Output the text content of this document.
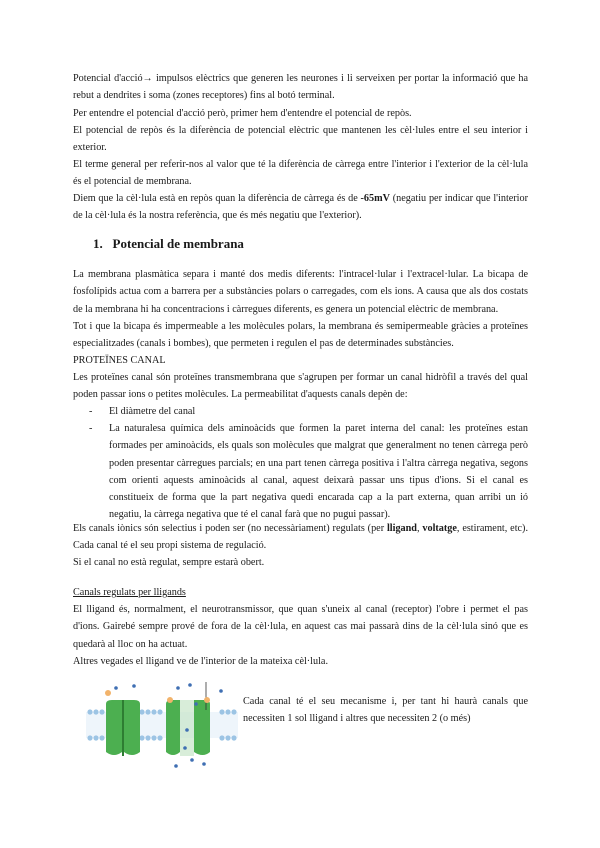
Potencial d'acció→ impulsos elèctrics que generen les neurones i li serveixen per portar la informació que ha rebut a dendrites i soma (zones receptores) fins al botó terminal.

Per entendre el potencial d'acció però, primer hem d'entendre el potencial de repòs.

El potencial de repòs és la diferència de potencial elèctric que mantenen les cèl·lules entre el seu interior i exterior.

El terme general per referir-nos al valor que té la diferència de càrrega entre l'interior i l'exterior de la cèl·lula és el potencial de membrana.

Diem que la cèl·lula està en repòs quan la diferència de càrrega és de -65mV (negatiu per indicar que l'interior de la cèl·lula és la nostra referència, que és més negatiu que l'exterior).

1. Potencial de membrana

La membrana plasmàtica separa i manté dos medis diferents: l'intracel·lular i l'extracel·lular. La bicapa de fosfolípids actua com a barrera per a substàncies polars o carregades, com els ions. A causa que als dos costats de la membrana hi ha concentracions i càrregues diferents, es genera un potencial elèctric de membrana.

Tot i que la bicapa és impermeable a les molècules polars, la membrana és semipermeable gràcies a proteïnes especialitzades (canals i bombes), que permeten i regulen el pas de determinades substàncies.

PROTEÏNES CANAL

Les proteïnes canal són proteïnes transmembrana que s'agrupen per formar un canal hidròfil a través del qual poden passar ions o petites molècules. La permeabilitat d'aquests canals depèn de:

- El diàmetre del canal
- La naturalesa química dels aminoàcids que formen la paret interna del canal: les proteïnes estan formades per aminoàcids, els quals son molècules que malgrat que generalment no tenen càrrega però poden presentar càrregues parcials; en una part tenen càrrega positiva i l'altra càrrega negativa, segons com orienti aquests aminoàcids al canal, aquest deixarà passar uns tipus d'ions. Si el canal es constitueix de forma que la part negativa quedi encarada cap a la part externa, quan arribi un ió negatiu, la càrrega negativa que té el canal farà que no pugui passar).

Els canals iònics són selectius i poden ser (no necessàriament) regulats (per lligand, voltatge, estirament, etc). Cada canal té el seu propi sistema de regulació.

Si el canal no està regulat, sempre estarà obert.

Canals regulats per lligands

El lligand és, normalment, el neurotransmissor, que quan s'uneix al canal (receptor) l'obre i permet el pas d'ions. Gairebé sempre prové de fora de la cèl·lula, en aquest cas mai passarà dins de la cèl·lula sinó que es quedarà al lloc on ha actuat.

Altres vegades el lligand ve de l'interior de la mateixa cèl·lula.

Cada canal té el seu mecanisme i, per tant hi haurà canals que necessiten 1 sol lligand i altres que necessiten 2 (o més)
